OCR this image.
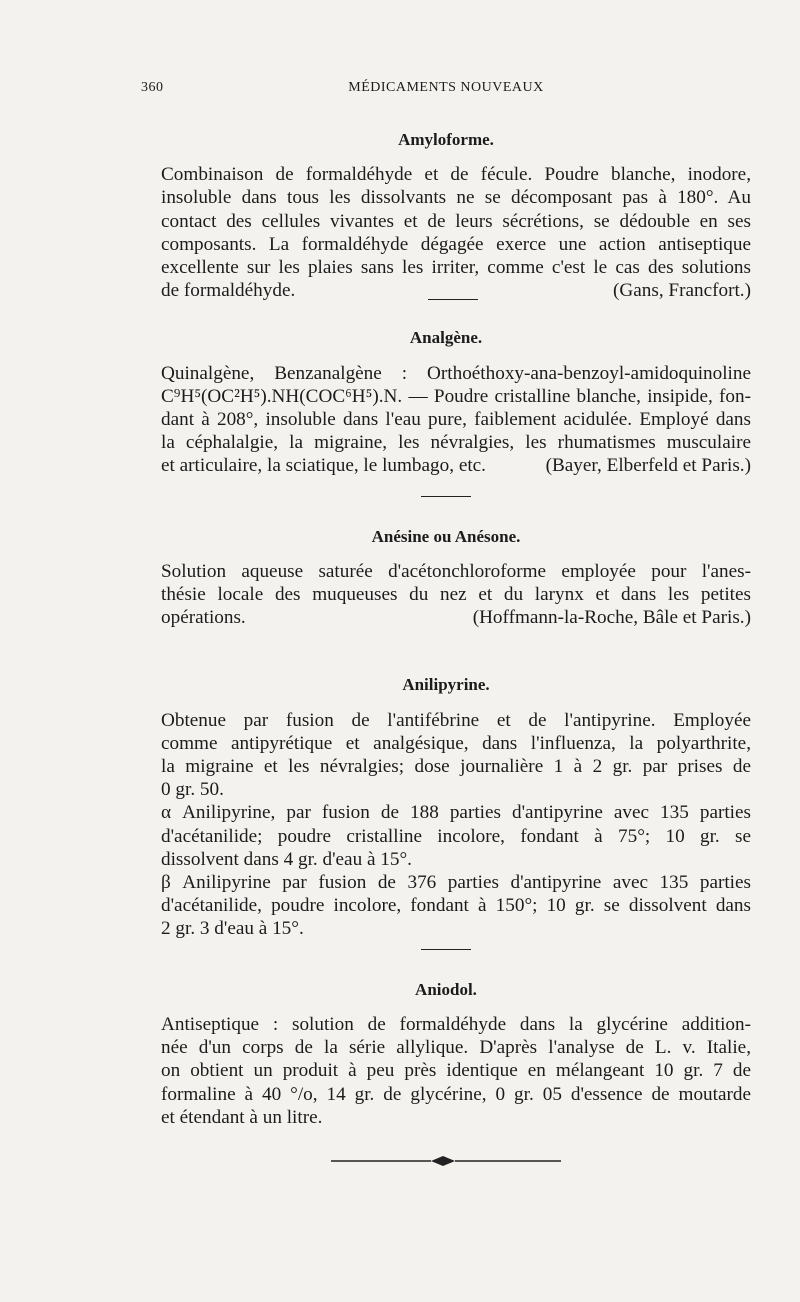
360	MÉDICAMENTS NOUVEAUX
Amyloforme.

Combinaison de formaldéhyde et de fécule. Poudre blanche, inodore,
insoluble dans tous les dissolvants ne se décomposant pas à 180°. Au
contact des cellules vivantes et de leurs sécrétions, se dédouble en ses
composants. La formaldéhyde dégagée exerce une action antiseptique
excellente sur les plaies sans les irriter, comme c'est le cas des solutions
de formaldéhyde.	(Gans, Francfort.)

Analgène.

Quinalgène, Benzanalgène : Orthoéthoxy-ana-benzoyl-amidoquinoline
C⁹H⁵(OC²H⁵).NH(COC⁶H⁵).N. — Poudre cristalline blanche, insipide, fon-
dant à 208°, insoluble dans l'eau pure, faiblement acidulée. Employé dans
la céphalalgie, la migraine, les névralgies, les rhumatismes musculaire
et articulaire, la sciatique, le lumbago, etc.	(Bayer, Elberfeld et Paris.)

Anésine ou Anésone.

Solution aqueuse saturée d'acétonchloroforme employée pour l'anes-
thésie locale des muqueuses du nez et du larynx et dans les petites
opérations.	(Hoffmann-la-Roche, Bâle et Paris.)

Anilipyrine.

Obtenue par fusion de l'antifébrine et de l'antipyrine. Employée
comme antipyrétique et analgésique, dans l'influenza, la polyarthrite,
la migraine et les névralgies; dose journalière 1 à 2 gr. par prises de
0 gr. 50.

α Anilipyrine, par fusion de 188 parties d'antipyrine avec 135 parties
d'acétanilide; poudre cristalline incolore, fondant à 75°; 10 gr. se
dissolvent dans 4 gr. d'eau à 15°.

β Anilipyrine par fusion de 376 parties d'antipyrine avec 135 parties
d'acétanilide, poudre incolore, fondant à 150°; 10 gr. se dissolvent dans
2 gr. 3 d'eau à 15°.

Aniodol.

Antiseptique : solution de formaldéhyde dans la glycérine addition-
née d'un corps de la série allylique. D'après l'analyse de L. v. Italie,
on obtient un produit à peu près identique en mélangeant 10 gr. 7 de
formaline à 40 °/o, 14 gr. de glycérine, 0 gr. 05 d'essence de moutarde
et étendant à un litre.
